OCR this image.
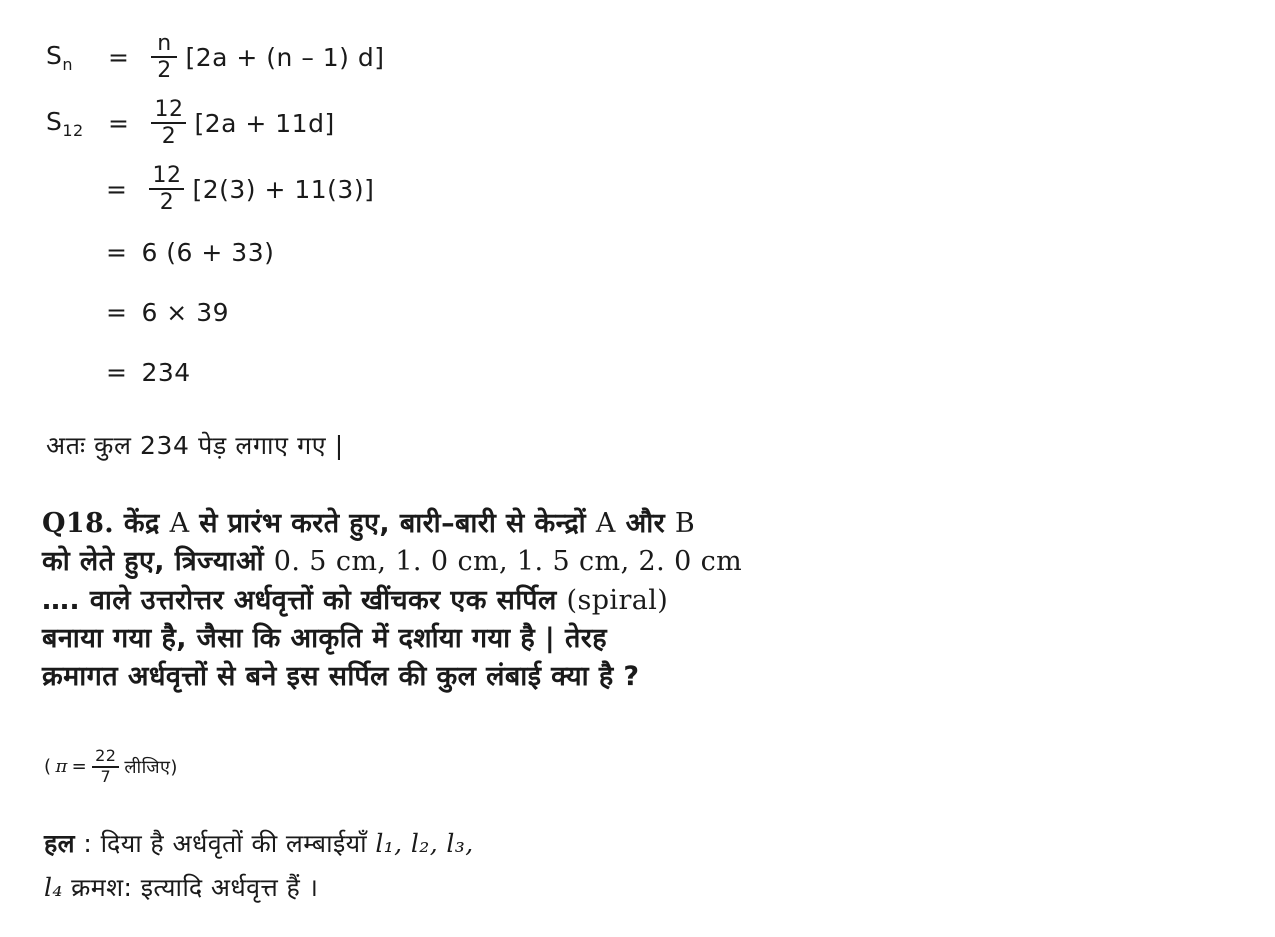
$S_n$	= $\frac{n}{2} [2a + (n - 1)$ d]
$S_{12} = \frac{12}{2} [2a + 11d]$
= $\frac{12}{2} [2(3) + 11(3)]$
= 6 (6 + 33)
= 6 × 39
= 234
अतः कुल 234 पेड़ लगाए गए |
Q18. केंद्र A से प्रारंभ करते हुए, बारी–बारी से केन्द्रों A और B
को लेते हुए, त्रिज्याओं 0. 5 cm, 1. 0 cm, 1. 5 cm, 2. 0 cm
…. वाले उत्तरोत्तर अर्धवृत्तों को खींचकर एक सर्पिल (spiral)
बनाया गया है, जैसा कि आकृति में दर्शाया गया है | तेरह
क्रमागत अर्धवृत्तों से बने इस सर्पिल की कुल लंबाई क्या है ?
( $\pi = \frac{22}{7}$ लीजिए)
हल : दिया है अर्धवृतों की लम्बाईयाँ l₁, l₂, l₃,
l₄ क्रमश: इत्यादि अर्धवृत्त हैं ।
